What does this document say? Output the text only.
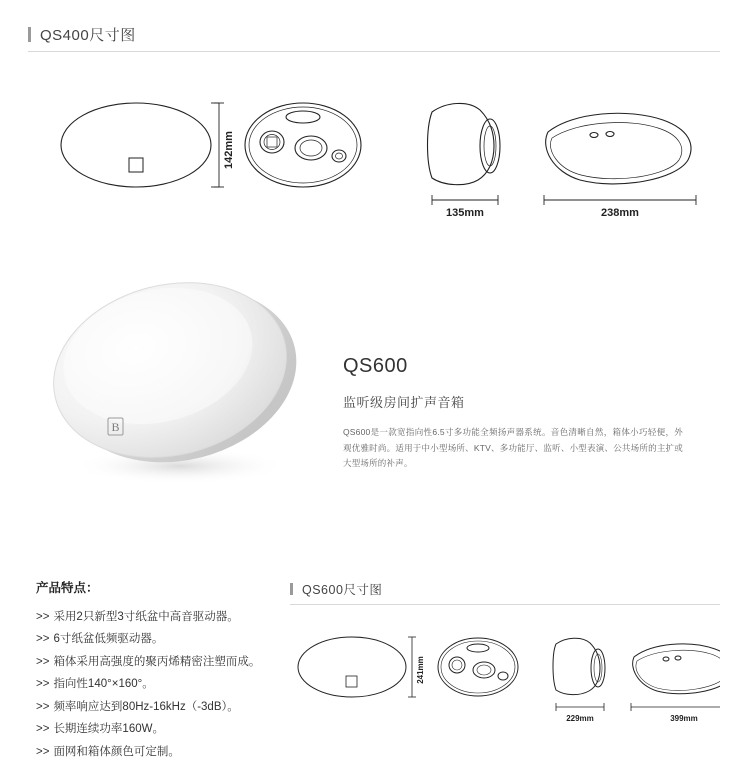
QS400尺寸图
142mm
135mm	238mm
B
QS600
监听级房间扩声音箱

QS600是一款宽指向性6.5寸多功能全频扬声器系统。音色清晰自然，箱体小巧轻便，外观优雅时尚。适用于中小型场所、KTV、多功能厅、监听、小型表演、公共场所的主扩或大型场所的补声。

产品特点：
>> 采用2只新型3寸纸盆中高音驱动器。
>> 6寸纸盆低频驱动器。
>> 箱体采用高强度的聚丙烯精密注塑而成。
>> 指向性140°×160°。
>> 频率响应达到80Hz-16kHz（-3dB）。
>> 长期连续功率160W。
>> 面网和箱体颜色可定制。
QS600尺寸图
241mm
229mm	399mm
